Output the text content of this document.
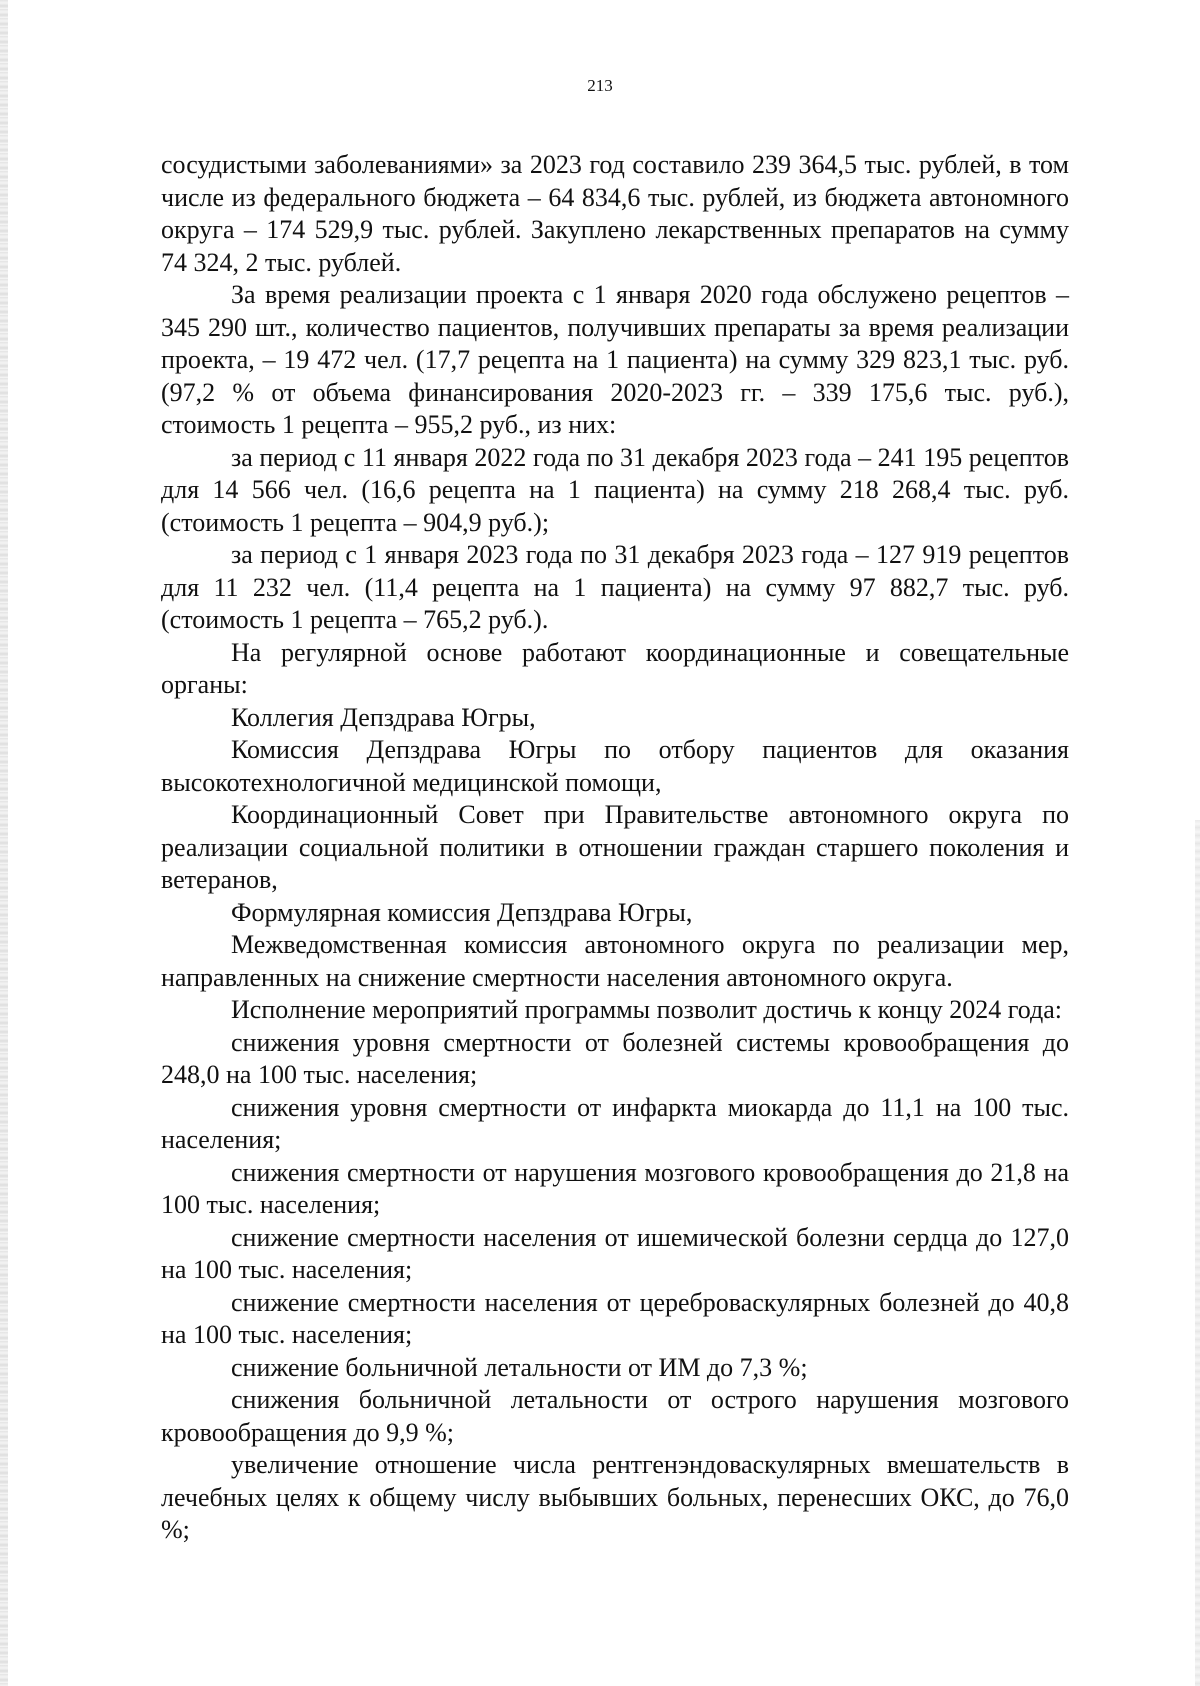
213

сосудистыми заболеваниями» за 2023 год составило 239 364,5 тыс. рублей, в том числе из федерального бюджета – 64 834,6 тыс. рублей, из бюджета автономного округа – 174 529,9 тыс. рублей. Закуплено лекарственных препаратов на сумму 74 324, 2 тыс. рублей.

За время реализации проекта с 1 января 2020 года обслужено рецептов – 345 290 шт., количество пациентов, получивших препараты за время реализации проекта, – 19 472 чел. (17,7 рецепта на 1 пациента) на сумму 329 823,1 тыс. руб. (97,2 % от объема финансирования 2020-2023 гг. – 339 175,6 тыс. руб.), стоимость 1 рецепта – 955,2 руб., из них:

за период с 11 января 2022 года по 31 декабря 2023 года – 241 195 рецептов для 14 566 чел. (16,6 рецепта на 1 пациента) на сумму 218 268,4 тыс. руб. (стоимость 1 рецепта – 904,9 руб.);

за период с 1 января 2023 года по 31 декабря 2023 года – 127 919 рецептов для 11 232 чел. (11,4 рецепта на 1 пациента) на сумму 97 882,7 тыс. руб. (стоимость 1 рецепта – 765,2 руб.).

На регулярной основе работают координационные и совещательные органы:

Коллегия Депздрава Югры,

Комиссия Депздрава Югры по отбору пациентов для оказания высокотехнологичной медицинской помощи,

Координационный Совет при Правительстве автономного округа по реализации социальной политики в отношении граждан старшего поколения и ветеранов,

Формулярная комиссия Депздрава Югры,

Межведомственная комиссия автономного округа по реализации мер, направленных на снижение смертности населения автономного округа.

Исполнение мероприятий программы позволит достичь к концу 2024 года:

снижения уровня смертности от болезней системы кровообращения до 248,0 на 100 тыс. населения;

снижения уровня смертности от инфаркта миокарда до 11,1 на 100 тыс. населения;

снижения смертности от нарушения мозгового кровообращения до 21,8 на 100 тыс. населения;

снижение смертности населения от ишемической болезни сердца до 127,0 на 100 тыс. населения;

снижение смертности населения от цереброваскулярных болезней до 40,8 на 100 тыс. населения;

снижение больничной летальности от ИМ до 7,3 %;

снижения больничной летальности от острого нарушения мозгового кровообращения до 9,9 %;

увеличение отношение числа рентгенэндоваскулярных вмешательств в лечебных целях к общему числу выбывших больных, перенесших ОКС, до 76,0 %;
